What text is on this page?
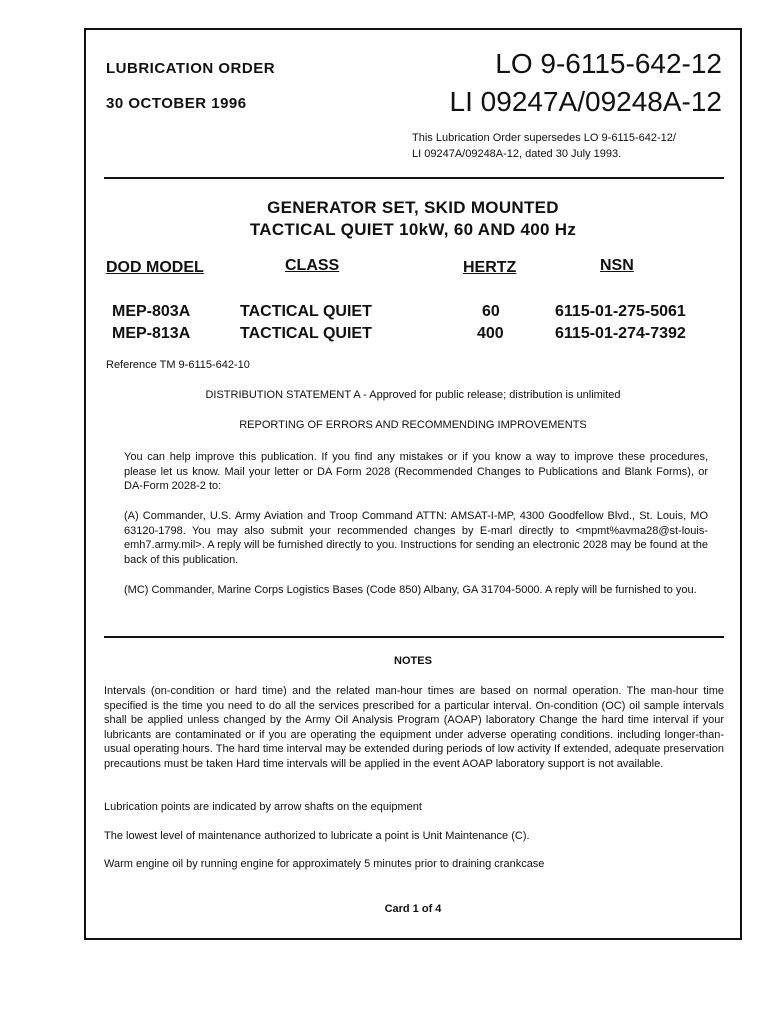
LUBRICATION ORDER
30 OCTOBER 1996
LO 9-6115-642-12
LI 09247A/09248A-12
This Lubrication Order supersedes LO 9-6115-642-12/
LI 09247A/09248A-12, dated 30 July 1993.
GENERATOR SET, SKID MOUNTED
TACTICAL QUIET 10kW, 60 AND 400 Hz
DOD MODEL	CLASS	HERTZ	NSN
MEP-803A	TACTICAL QUIET	60	6115-01-275-5061
MEP-813A	TACTICAL QUIET	400	6115-01-274-7392
Reference TM 9-6115-642-10
DISTRIBUTION STATEMENT A - Approved for public release; distribution is unlimited
REPORTING OF ERRORS AND RECOMMENDING IMPROVEMENTS
You can help improve this publication. If you find any mistakes or if you know a way to improve these procedures, please let us know. Mail your letter or DA Form 2028 (Recommended Changes to Publications and Blank Forms), or DA-Form 2028-2 to:
(A) Commander, U.S. Army Aviation and Troop Command ATTN: AMSAT-I-MP, 4300 Goodfellow Blvd., St. Louis, MO 63120-1798. You may also submit your recommended changes by E-marl directly to <mpmt%avma28@st-louis-emh7.army.mil>. A reply will be furnished directly to you. Instructions for sending an electronic 2028 may be found at the back of this publication.
(MC) Commander, Marine Corps Logistics Bases (Code 850) Albany, GA 31704-5000. A reply will be furnished to you.
NOTES
Intervals (on-condition or hard time) and the related man-hour times are based on normal operation. The man-hour time specified is the time you need to do all the services prescribed for a particular interval. On-condition (OC) oil sample intervals shall be applied unless changed by the Army Oil Analysis Program (AOAP) laboratory Change the hard time interval if your lubricants are contaminated or if you are operating the equipment under adverse operating conditions. including longer-than-usual operating hours. The hard time interval may be extended during periods of low activity If extended, adequate preservation precautions must be taken Hard time intervals will be applied in the event AOAP laboratory support is not available.
Lubrication points are indicated by arrow shafts on the equipment
The lowest level of maintenance authorized to lubricate a point is Unit Maintenance (C).
Warm engine oil by running engine for approximately 5 minutes prior to draining crankcase
Card 1 of 4
